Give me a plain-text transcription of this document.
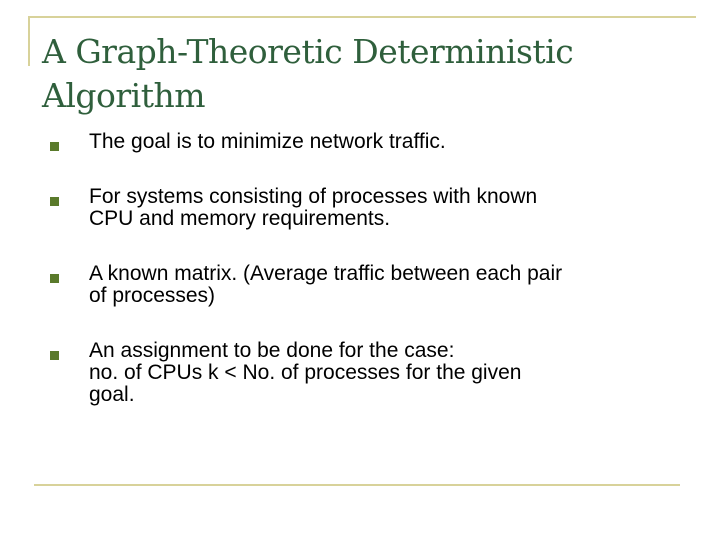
A Graph-Theoretic Deterministic
Algorithm
The goal is to minimize network traffic.
For systems consisting of processes with known
CPU and memory requirements.
A known matrix. (Average traffic between each pair
of processes)
An assignment to be done for the case:
no. of CPUs k < No. of processes for the given
goal.
